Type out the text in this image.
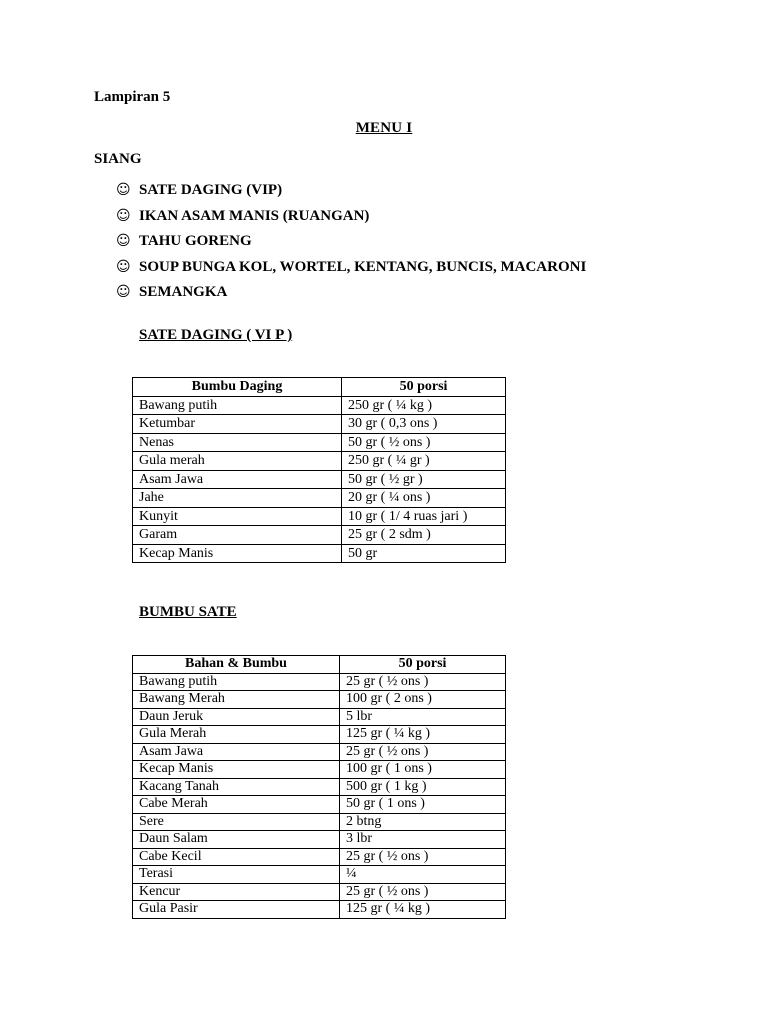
Lampiran 5
MENU I
SIANG
☺ SATE DAGING (VIP)
☺ IKAN ASAM MANIS (RUANGAN)
☺ TAHU GORENG
☺ SOUP BUNGA KOL, WORTEL, KENTANG, BUNCIS, MACARONI
☺ SEMANGKA
SATE DAGING ( VI P )
Bumbu Daging	50 porsi
Bawang putih	250 gr ( ¼ kg )
Ketumbar	30 gr ( 0,3 ons )
Nenas	50 gr ( ½ ons )
Gula merah	250 gr ( ¼ gr )
Asam Jawa	50 gr ( ½ gr )
Jahe	20 gr ( ¼ ons )
Kunyit	10 gr ( 1/ 4 ruas jari )
Garam	25 gr ( 2 sdm )
Kecap Manis	50 gr
BUMBU SATE
Bahan & Bumbu	50 porsi
Bawang putih	25 gr ( ½ ons )
Bawang Merah	100 gr ( 2 ons )
Daun Jeruk	5 lbr
Gula Merah	125 gr ( ¼ kg )
Asam Jawa	25 gr ( ½ ons )
Kecap Manis	100 gr ( 1 ons )
Kacang Tanah	500 gr ( 1 kg )
Cabe Merah	50 gr ( 1 ons )
Sere	2 btng
Daun Salam	3 lbr
Cabe Kecil	25 gr ( ½ ons )
Terasi	¼
Kencur	25 gr ( ½ ons )
Gula Pasir	125 gr ( ¼ kg )
